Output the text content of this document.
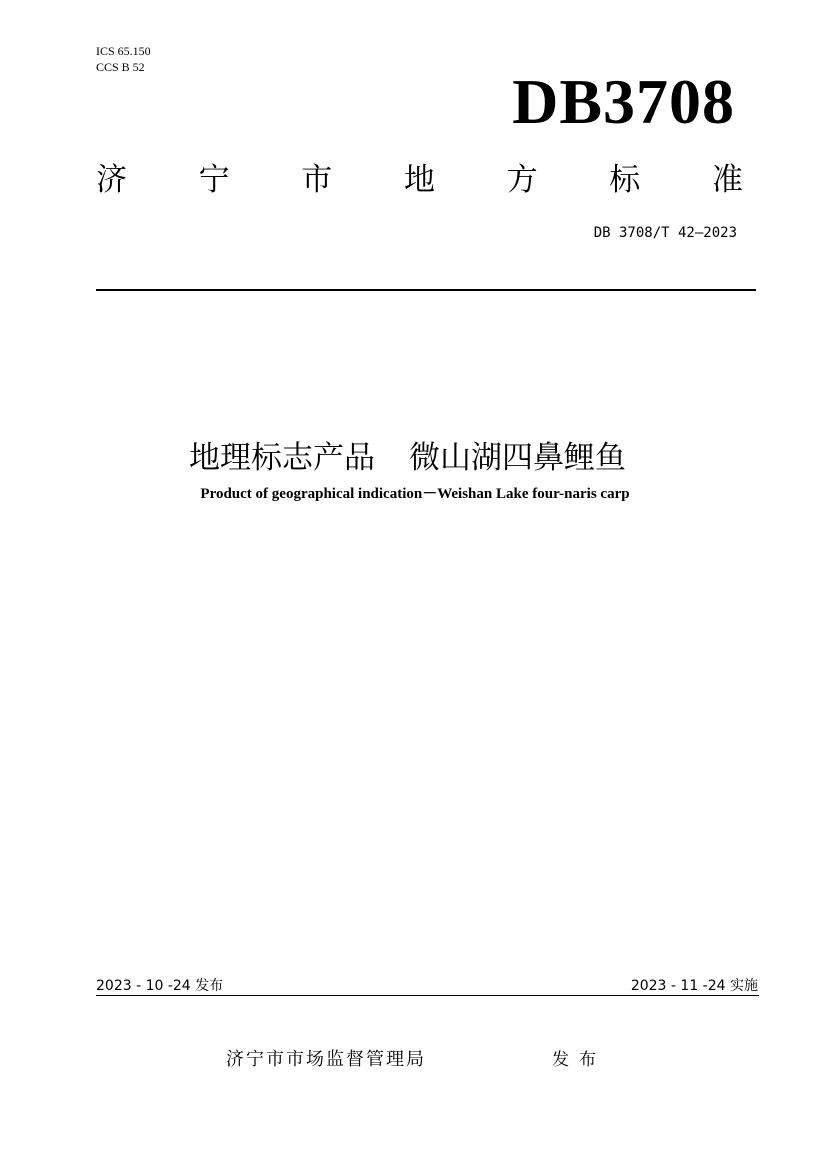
ICS 65.150
CCS B 52	DB3708
济 宁 市 地 方 标 准
DB 3708/T 42—2023
地理标志产品 微山湖四鼻鲤鱼
Product of geographical indication－Weishan Lake four-naris carp
2023 - 10 -24 发布	2023 - 11 -24 实施
济宁市市场监督管理局	发布
